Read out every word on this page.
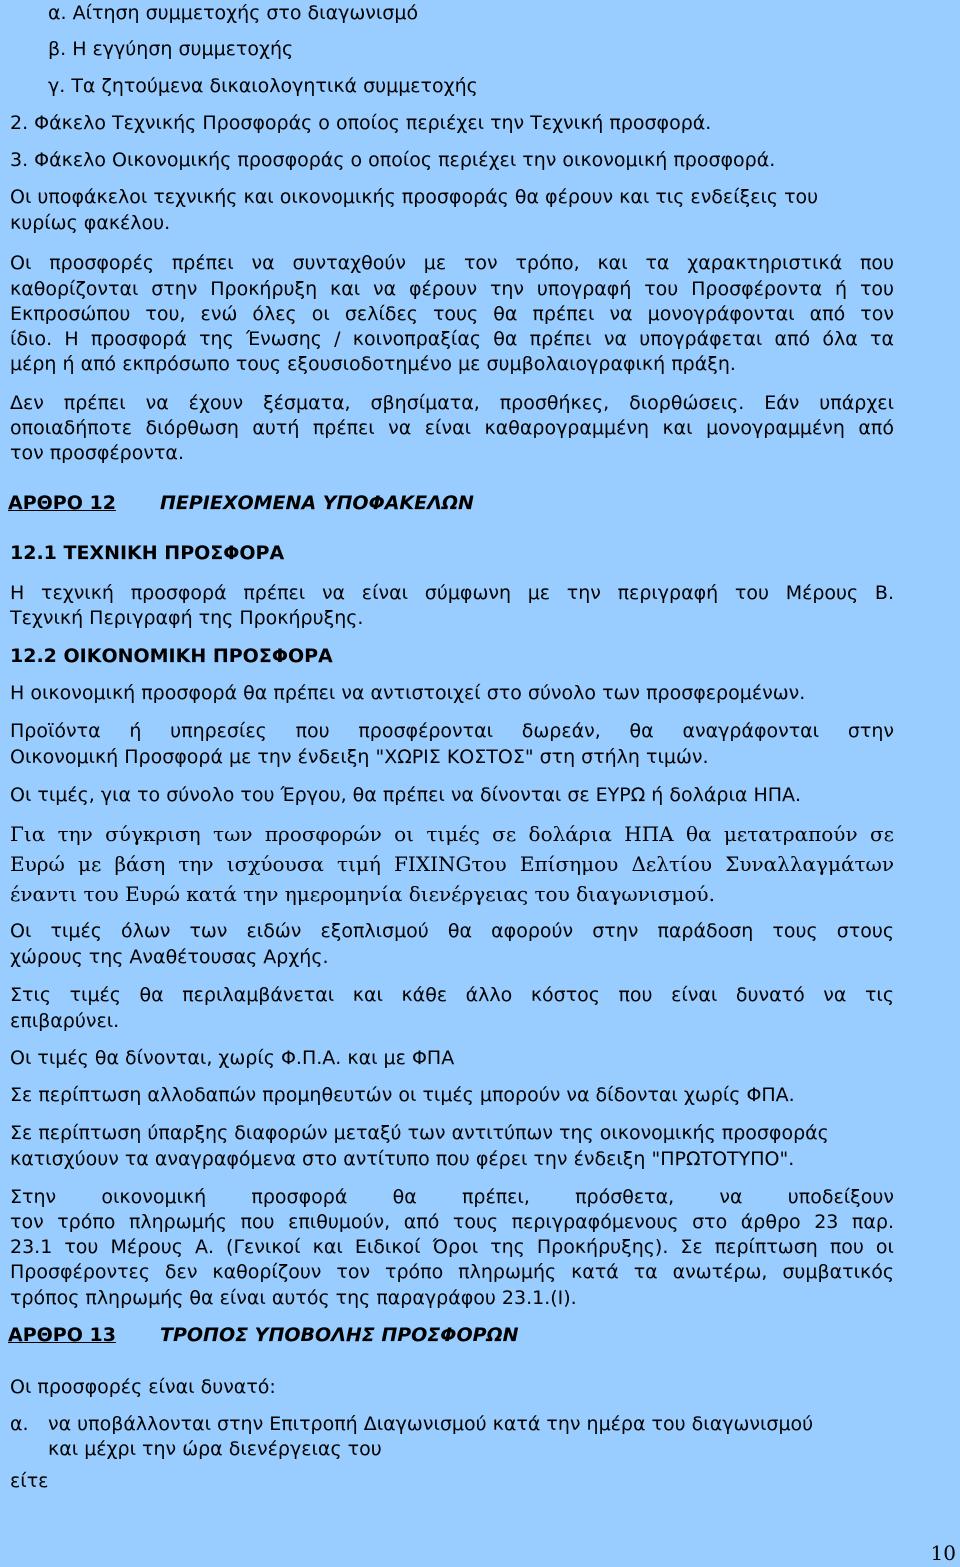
α. Αίτηση συμμετοχής στο διαγωνισμό
β. Η εγγύηση συμμετοχής
γ. Τα ζητούμενα δικαιολογητικά συμμετοχής
2. Φάκελο Τεχνικής Προσφοράς ο οποίος περιέχει την Τεχνική προσφορά.
3. Φάκελο Οικονομικής προσφοράς ο οποίος περιέχει την οικονομική προσφορά.
Οι υποφάκελοι τεχνικής και οικονομικής προσφοράς θα φέρουν και τις ενδείξεις του
κυρίως φακέλου.
Οι προσφορές πρέπει να συνταχθούν με τον τρόπο, και τα χαρακτηριστικά που
καθορίζονται στην Προκήρυξη και να φέρουν την υπογραφή του Προσφέροντα ή του
Εκπροσώπου του, ενώ όλες οι σελίδες τους θα πρέπει να μονογράφονται από τον
ίδιο. Η προσφορά της Ένωσης / κοινοπραξίας θα πρέπει να υπογράφεται από όλα τα
μέρη ή από εκπρόσωπο τους εξουσιοδοτημένο με συμβολαιογραφική πράξη.
Δεν πρέπει να έχουν ξέσματα, σβησίματα, προσθήκες, διορθώσεις. Εάν υπάρχει
οποιαδήποτε διόρθωση αυτή πρέπει να είναι καθαρογραμμένη και μονογραμμένη από
τον προσφέροντα.
ΑΡΘΡΟ 12 ΠΕΡΙΕΧΟΜΕΝΑ ΥΠΟΦΑΚΕΛΩΝ
12.1 ΤΕΧΝΙΚΗ ΠΡΟΣΦΟΡΑ
Η τεχνική προσφορά πρέπει να είναι σύμφωνη με την περιγραφή του Μέρους Β.
Τεχνική Περιγραφή της Προκήρυξης.
12.2 ΟΙΚΟΝΟΜΙΚΗ ΠΡΟΣΦΟΡΑ
Η οικονομική προσφορά θα πρέπει να αντιστοιχεί στο σύνολο των προσφερομένων.
Προϊόντα ή υπηρεσίες που προσφέρονται δωρεάν, θα αναγράφονται στην
Οικονομική Προσφορά με την ένδειξη "ΧΩΡΙΣ ΚΟΣΤΟΣ" στη στήλη τιμών.
Οι τιμές, για το σύνολο του Έργου, θα πρέπει να δίνονται σε ΕΥΡΩ ή δολάρια ΗΠΑ.
Για την σύγκριση των προσφορών οι τιμές σε δολάρια ΗΠΑ θα μετατραπούν σε
Ευρώ με βάση την ισχύουσα τιμή FIXINGτου Επίσημου Δελτίου Συναλλαγμάτων
έναντι του Ευρώ κατά την ημερομηνία διενέργειας του διαγωνισμού.
Οι τιμές όλων των ειδών εξοπλισμού θα αφορούν στην παράδοση τους στους
χώρους της Αναθέτουσας Αρχής.
Στις τιμές θα περιλαμβάνεται και κάθε άλλο κόστος που είναι δυνατό να τις
επιβαρύνει.
Οι τιμές θα δίνονται, χωρίς Φ.Π.Α. και με ΦΠΑ
Σε περίπτωση αλλοδαπών προμηθευτών οι τιμές μπορούν να δίδονται χωρίς ΦΠΑ.
Σε περίπτωση ύπαρξης διαφορών μεταξύ των αντιτύπων της οικονομικής προσφοράς
κατισχύουν τα αναγραφόμενα στο αντίτυπο που φέρει την ένδειξη "ΠΡΩΤΟΤΥΠΟ".
Στην οικονομική προσφορά θα πρέπει, πρόσθετα, να υποδείξουν
τον τρόπο πληρωμής που επιθυμούν, από τους περιγραφόμενους στο άρθρο 23 παρ.
23.1 του Μέρους Α. (Γενικοί και Ειδικοί Όροι της Προκήρυξης). Σε περίπτωση που οι
Προσφέροντες δεν καθορίζουν τον τρόπο πληρωμής κατά τα ανωτέρω, συμβατικός
τρόπος πληρωμής θα είναι αυτός της παραγράφου 23.1.(Ι).
ΑΡΘΡΟ 13 ΤΡΟΠΟΣ ΥΠΟΒΟΛΗΣ ΠΡΟΣΦΟΡΩΝ
Οι προσφορές είναι δυνατό:
α. να υποβάλλονται στην Επιτροπή Διαγωνισμού κατά την ημέρα του διαγωνισμού
και μέχρι την ώρα διενέργειας του
είτε
10
